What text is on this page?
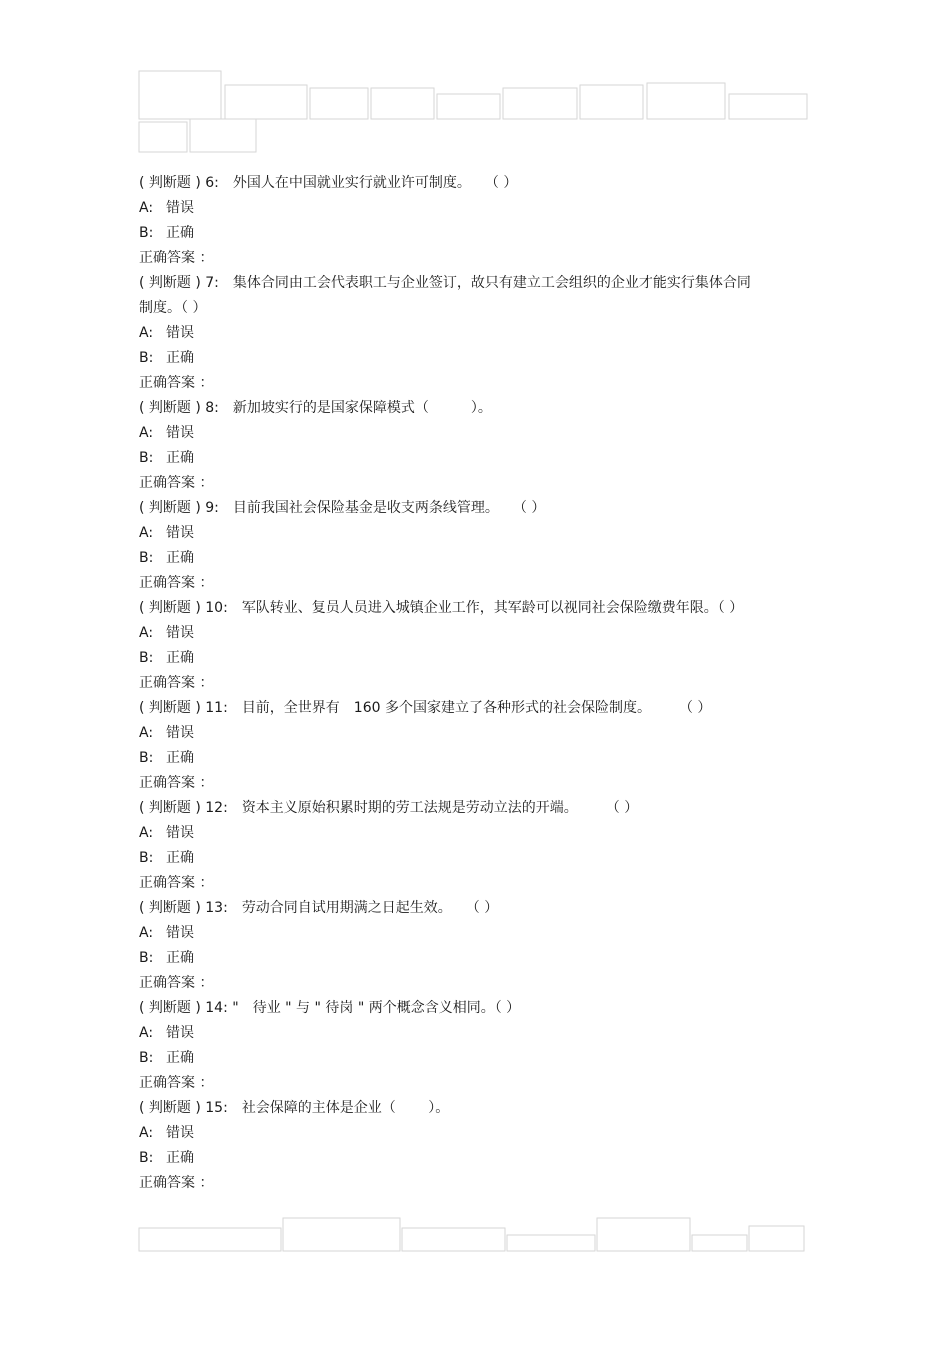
( 判断题 ) 6: 外国人在中国就业实行就业许可制度。　　（ ）
A: 错误
B: 正确
正确答案 ：
( 判断题 ) 7: 集体合同由工会代表职工与企业签订，故只有建立工会组织的企业才能实行集体合同制度。（ ）
A: 错误
B: 正确
正确答案 ：
( 判断题 ) 8: 新加坡实行的是国家保障模式（　　　）。
A: 错误
B: 正确
正确答案 ：
( 判断题 ) 9: 目前我国社会保险基金是收支两条线管理。　　（ ）
A: 错误
B: 正确
正确答案 ：
( 判断题 ) 10: 军队转业、复员人员进入城镇企业工作，其军龄可以视同社会保险缴费年限。（ ）
A: 错误
B: 正确
正确答案 ：
( 判断题 ) 11: 目前，全世界有　160 多个国家建立了各种形式的社会保险制度。　　　（ ）
A: 错误
B: 正确
正确答案 ：
( 判断题 ) 12: 资本主义原始积累时期的劳工法规是劳动立法的开端。　　　（ ）
A: 错误
B: 正确
正确答案 ：
( 判断题 ) 13: 劳动合同自试用期满之日起生效。　　（ ）
A: 错误
B: 正确
正确答案 ：
( 判断题 ) 14: " 待业 " 与 " 待岗 " 两个概念含义相同。（ ）
A: 错误
B: 正确
正确答案 ：
( 判断题 ) 15: 社会保障的主体是企业（　　 ）。
A: 错误
B: 正确
正确答案 ：
